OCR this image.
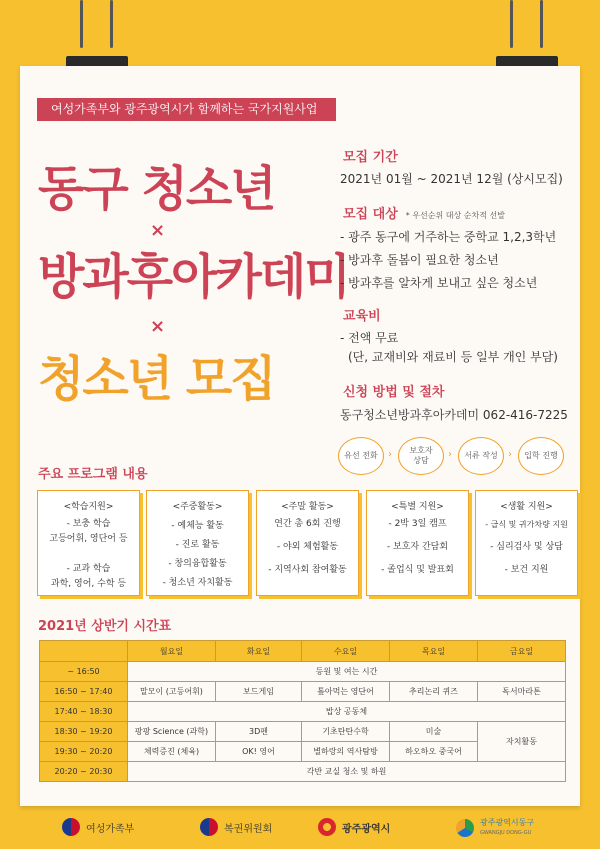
여성가족부와 광주광역시가 함께하는 국가지원사업
동구 청소년
×
방과후아카데미
×
청소년 모집
모집 기간
2021년 01월 ~ 2021년 12월 (상시모집)
모집 대상 * 우선순위 대상 순차적 선발
- 광주 동구에 거주하는 중학교 1,2,3학년
- 방과후 돌봄이 필요한 청소년
- 방과후를 알차게 보내고 싶은 청소년
교육비
- 전액 무료
(단, 교재비와 재료비 등 일부 개인 부담)
신청 방법 및 절차
동구청소년방과후아카데미 062-416-7225
유선 전화 › 보호자
상담
› 서류 작성 › 입학 진행
주요 프로그램 내용
<학습지원>
- 보충 학습
고등어휘, 영단어 등

- 교과 학습
과학, 영어, 수학 등
<주중활동>
- 예체능 활동
- 진로 활동
- 창의융합활동
- 청소년 자치활동
<주말 활동>
연간 총 6회 진행

- 야외 체험활동

- 지역사회 참여활동
<특별 지원>
- 2박 3일 캠프

- 보호자 간담회

- 졸업식 및 발표회
<생활 지원>
- 급식 및 귀가차량 지원

- 심리검사 및 상담

- 보건 지원
2021년 상반기 시간표
	월요일	화요일	수요일	목요일	금요일
~ 16:50	등원 및 여는 시간				
16:50 ~ 17:40	말모이 (고등어휘)	보드게임	톺아먹는 영단어	추리논리 퀴즈	독서마라톤
17:40 ~ 18:30	밥상 공동체				
18:30 ~ 19:20	팡팡 Science (과학)	3D펜	기초탄탄수학	미술	자치활동
19:30 ~ 20:20	체력증진 (체육)	OK! 영어	별하랑의 역사탐방	하오하오 중국어	
20:20 ~ 20:30	각반 교실 청소 및 하원				
여성가족부	복권위원회	광주광역시
광주광역시동구
GWANGJU DONG-GU
